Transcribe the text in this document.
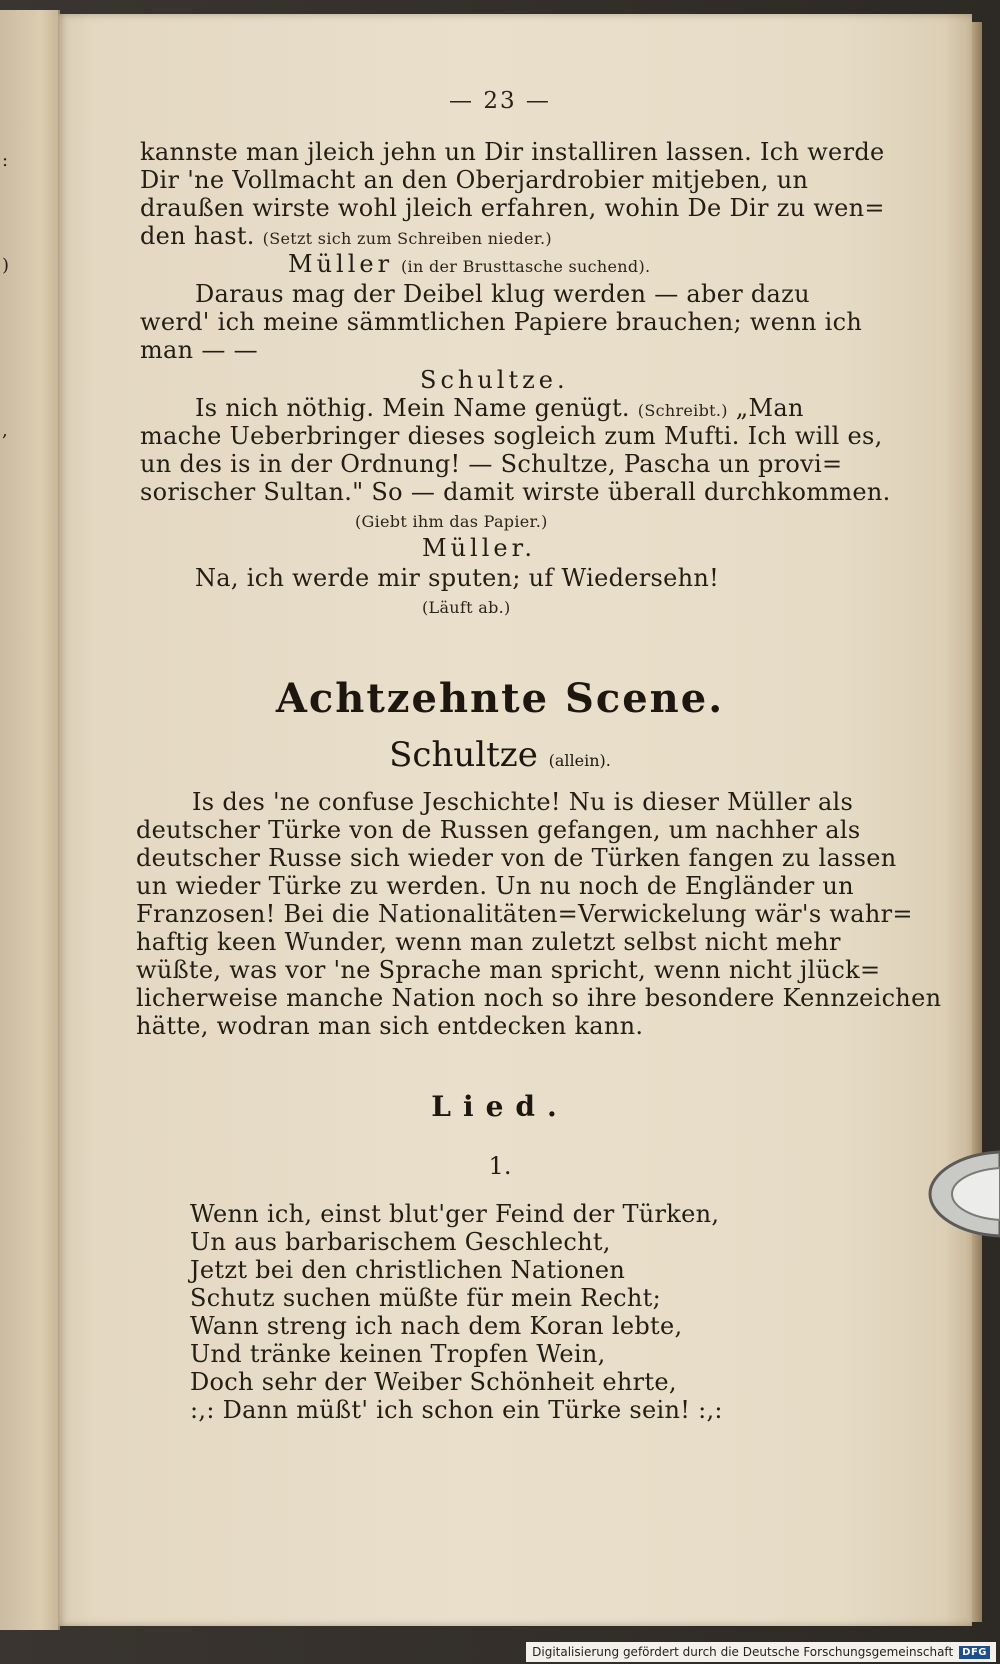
:
)
,
— 23 —
kannste man jleich jehn un Dir installiren lassen. Ich werde
Dir 'ne Vollmacht an den Oberjardrobier mitjeben, un
draußen wirste wohl jleich erfahren, wohin De Dir zu wen=
den hast. (Setzt sich zum Schreiben nieder.)
Müller (in der Brusttasche suchend).
Daraus mag der Deibel klug werden — aber dazu
werd' ich meine sämmtlichen Papiere brauchen; wenn ich
man — —
Schultze.
Is nich nöthig. Mein Name genügt. (Schreibt.) „Man
mache Ueberbringer dieses sogleich zum Mufti. Ich will es,
un des is in der Ordnung! — Schultze, Pascha un provi=
sorischer Sultan." So — damit wirste überall durchkommen.
(Giebt ihm das Papier.)
Müller.
Na, ich werde mir sputen; uf Wiedersehn!
(Läuft ab.)
Achtzehnte Scene.
Schultze (allein).
Is des 'ne confuse Jeschichte! Nu is dieser Müller als
deutscher Türke von de Russen gefangen, um nachher als
deutscher Russe sich wieder von de Türken fangen zu lassen
un wieder Türke zu werden. Un nu noch de Engländer un
Franzosen! Bei die Nationalitäten=Verwickelung wär's wahr=
haftig keen Wunder, wenn man zuletzt selbst nicht mehr
wüßte, was vor 'ne Sprache man spricht, wenn nicht jlück=
licherweise manche Nation noch so ihre besondere Kennzeichen
hätte, wodran man sich entdecken kann.
Lied.
1.
Wenn ich, einst blut'ger Feind der Türken,
Un aus barbarischem Geschlecht,
Jetzt bei den christlichen Nationen
Schutz suchen müßte für mein Recht;
Wann streng ich nach dem Koran lebte,
Und tränke keinen Tropfen Wein,
Doch sehr der Weiber Schönheit ehrte,
:,: Dann müßt' ich schon ein Türke sein! :,:
Digitalisierung gefördert durch die Deutsche Forschungsgemeinschaft DFG
